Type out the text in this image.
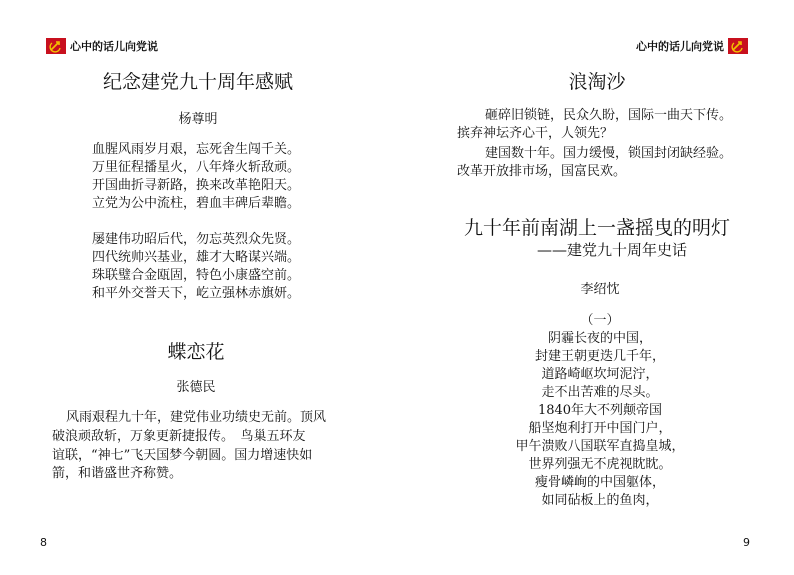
心中的话儿向党说
纪念建党九十周年感赋
杨尊明
血腥风雨岁月艰，忘死舍生闯千关。
万里征程播星火，八年烽火斩敌顽。
开国曲折寻新路，换来改革艳阳天。
立党为公中流柱，碧血丰碑后辈瞻。
屡建伟功昭后代，勿忘英烈众先贤。
四代统帅兴基业，雄才大略谋兴端。
珠联璧合金瓯固，特色小康盛空前。
和平外交誉天下，屹立强林赤旗妍。
蝶恋花
张德民
风雨艰程九十年，建党伟业功绩史无前。顶风
破浪顽敌斩，万象更新捷报传。　鸟巢五环友
谊联，“神七”飞天国梦今朝圆。国力增速快如
箭，和谐盛世齐称赞。
8
心中的话儿向党说
浪淘沙
砸碎旧锁链，民众久盼，国际一曲天下传。
摈弃神坛齐心干，人领先？
建国数十年。国力缓慢，锁国封闭缺经验。
改革开放排市场，国富民欢。
九十年前南湖上一盏摇曳的明灯
——建党九十周年史话
李绍忱
（一）
阴霾长夜的中国，
封建王朝更迭几千年，
道路崎岖坎坷泥泞，
走不出苦难的尽头。
1840年大不列颠帝国
船坚炮利打开中国门户，
甲午溃败八国联军直捣皇城，
世界列强无不虎视眈眈。
瘦骨嶙峋的中国躯体，
如同砧板上的鱼肉，
9
